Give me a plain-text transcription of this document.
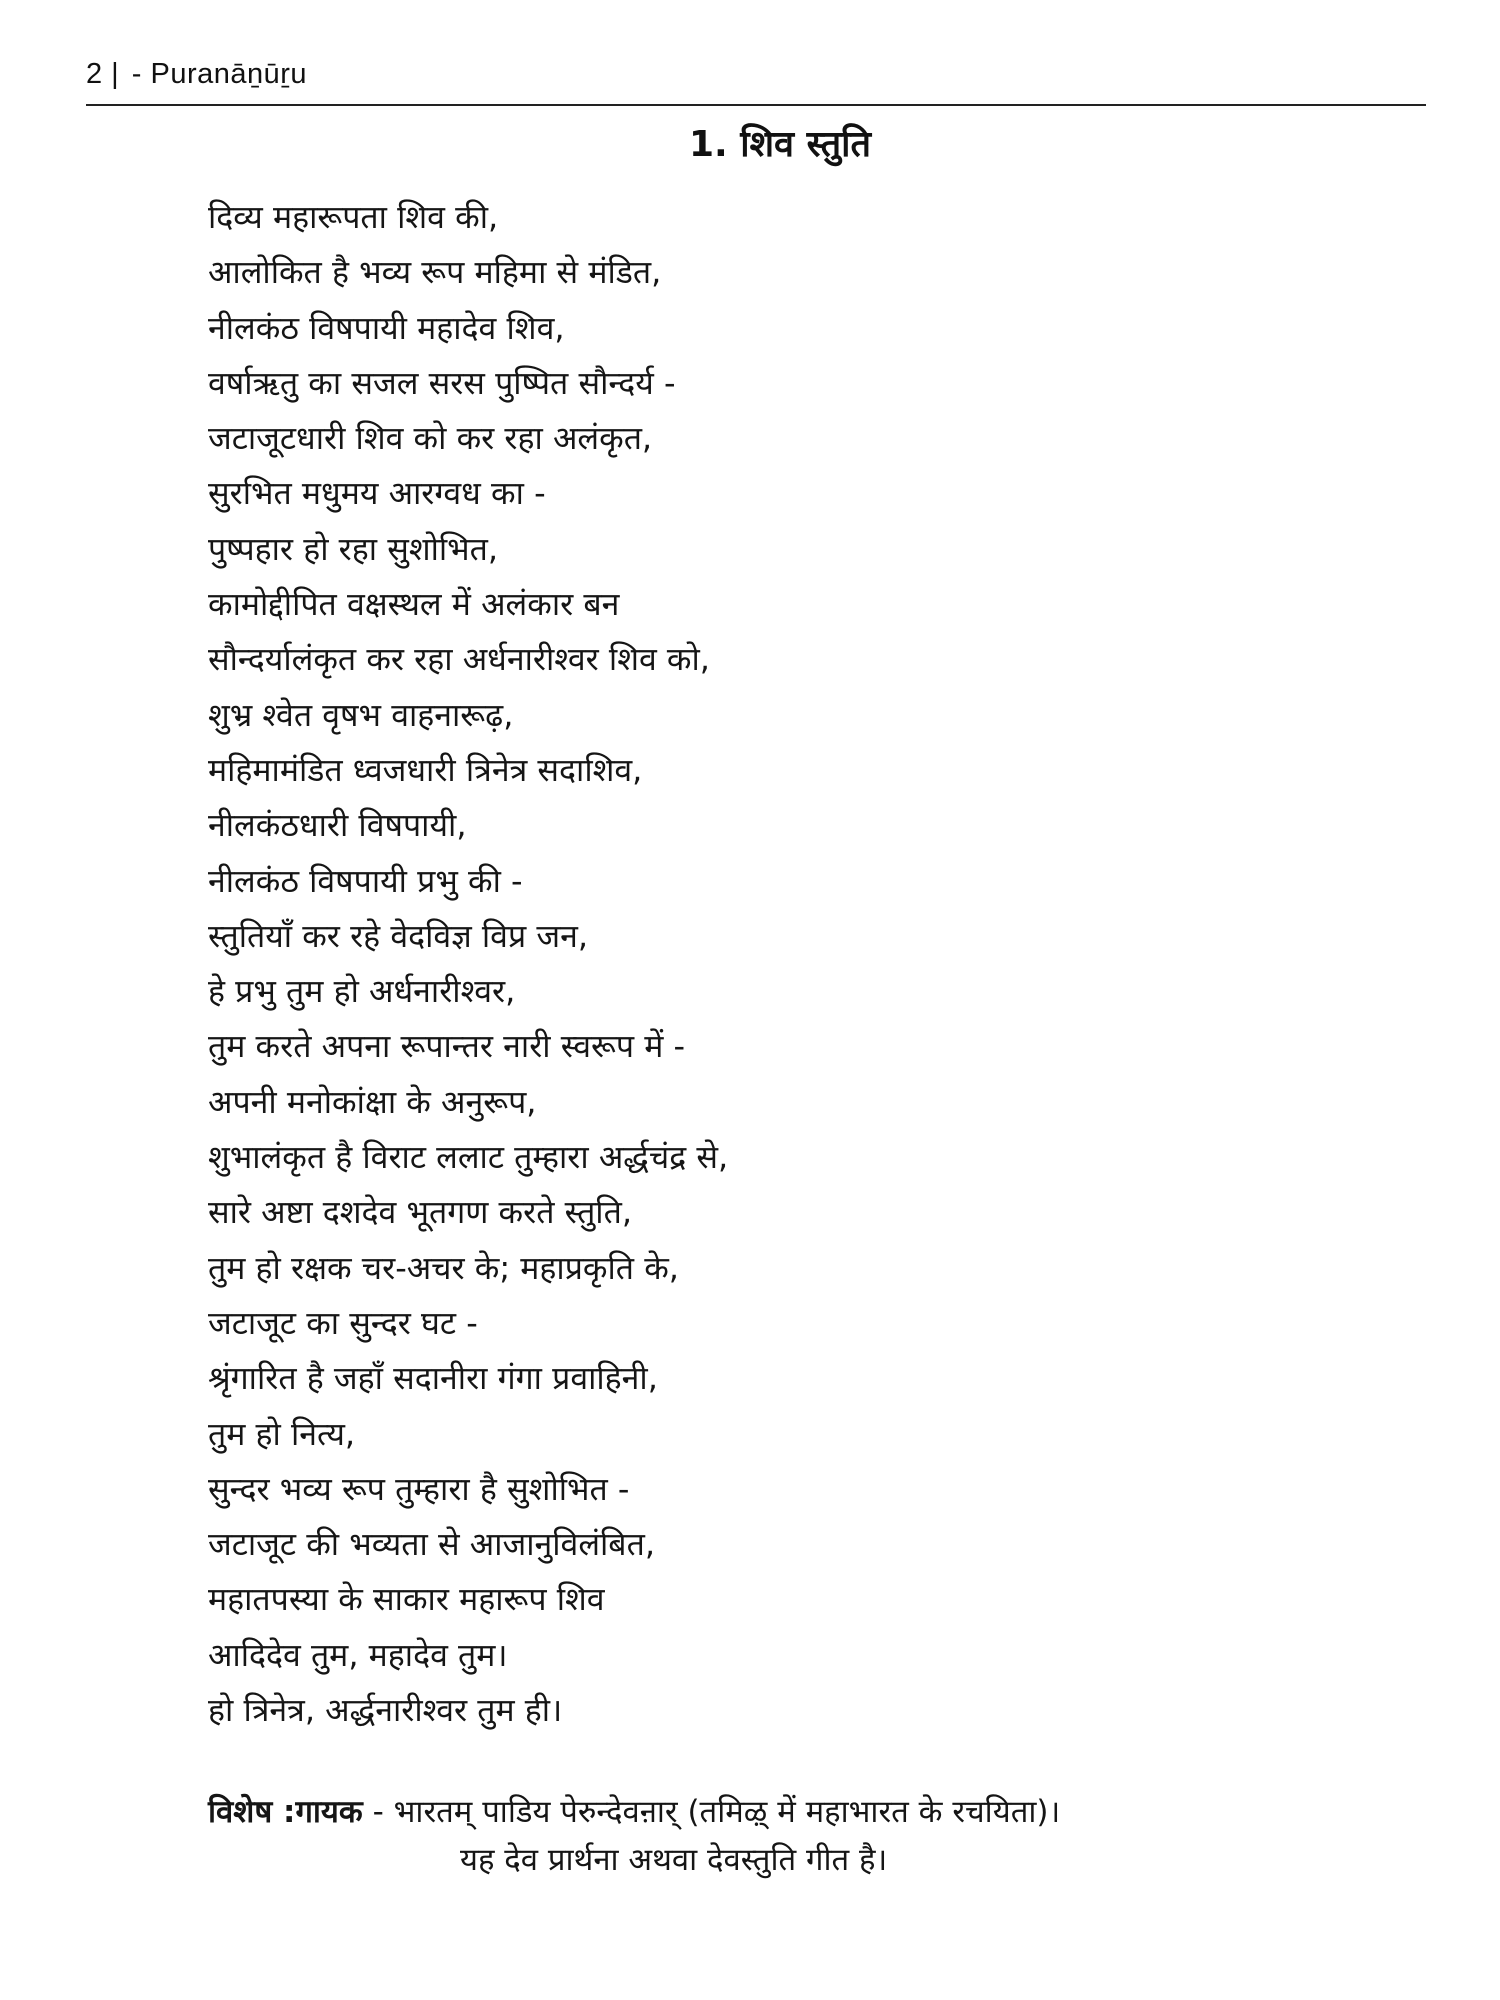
2 | - Puranāṉūṟu
1. शिव स्तुति
दिव्य महारूपता शिव की,
आलोकित है भव्य रूप महिमा से मंडित,
नीलकंठ विषपायी महादेव शिव,
वर्षाऋतु का सजल सरस पुष्पित सौन्दर्य -
जटाजूटधारी शिव को कर रहा अलंकृत,
सुरभित मधुमय आरग्वध का -
पुष्पहार हो रहा सुशोभित,
कामोद्दीपित वक्षस्थल में अलंकार बन
सौन्दर्यालंकृत कर रहा अर्धनारीश्वर शिव को,
शुभ्र श्वेत वृषभ वाहनारूढ़,
महिमामंडित ध्वजधारी त्रिनेत्र सदाशिव,
नीलकंठधारी विषपायी,
नीलकंठ विषपायी प्रभु की -
स्तुतियाँ कर रहे वेदविज्ञ विप्र जन,
हे प्रभु तुम हो अर्धनारीश्वर,
तुम करते अपना रूपान्तर नारी स्वरूप में -
अपनी मनोकांक्षा के अनुरूप,
शुभालंकृत है विराट ललाट तुम्हारा अर्द्धचंद्र से,
सारे अष्टा दशदेव भूतगण करते स्तुति,
तुम हो रक्षक चर-अचर के; महाप्रकृति के,
जटाजूट का सुन्दर घट -
श्रृंगारित है जहाँ सदानीरा गंगा प्रवाहिनी,
तुम हो नित्य,
सुन्दर भव्य रूप तुम्हारा है सुशोभित -
जटाजूट की भव्यता से आजानुविलंबित,
महातपस्या के साकार महारूप शिव
आदिदेव तुम, महादेव तुम।
हो त्रिनेत्र, अर्द्धनारीश्वर तुम ही।
विशेष :गायक - भारतम् पाडिय पेरुन्देवऩार् (तमिऴ् में महाभारत के रचयिता)।
यह देव प्रार्थना अथवा देवस्तुति गीत है।
